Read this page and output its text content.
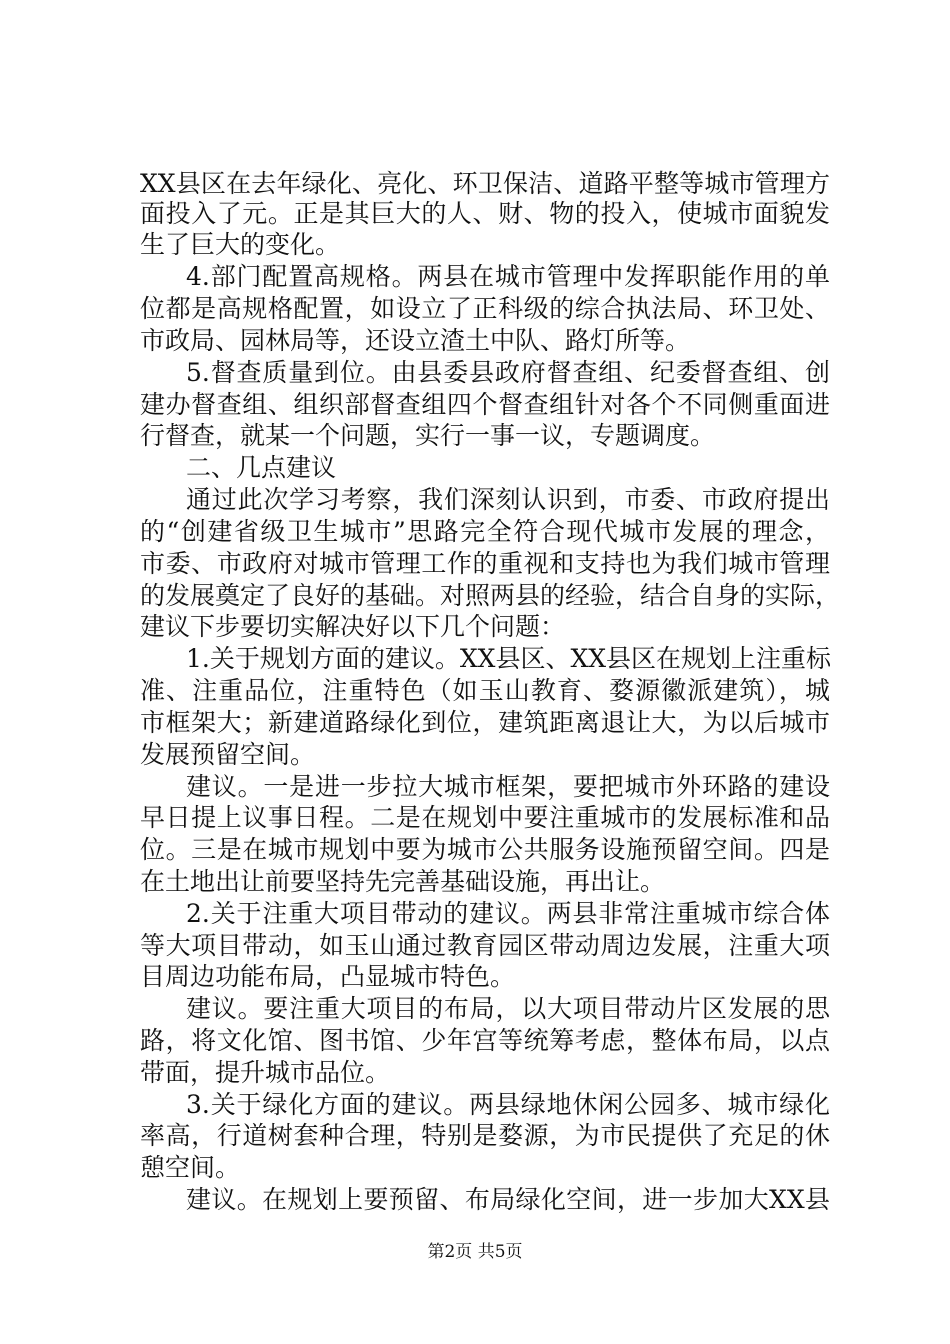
XX县区在去年绿化、亮化、环卫保洁、道路平整等城市管理方
面投入了元。正是其巨大的人、财、物的投入，使城市面貌发
生了巨大的变化。
4.部门配置高规格。两县在城市管理中发挥职能作用的单
位都是高规格配置，如设立了正科级的综合执法局、环卫处、
市政局、园林局等，还设立渣土中队、路灯所等。
5.督查质量到位。由县委县政府督查组、纪委督查组、创
建办督查组、组织部督查组四个督查组针对各个不同侧重面进
行督查，就某一个问题，实行一事一议，专题调度。
二、几点建议
通过此次学习考察，我们深刻认识到，市委、市政府提出
的“创建省级卫生城市”思路完全符合现代城市发展的理念，
市委、市政府对城市管理工作的重视和支持也为我们城市管理
的发展奠定了良好的基础。对照两县的经验，结合自身的实际，
建议下步要切实解决好以下几个问题：
1.关于规划方面的建议。XX县区、XX县区在规划上注重标
准、注重品位，注重特色（如玉山教育、婺源徽派建筑），城
市框架大；新建道路绿化到位，建筑距离退让大，为以后城市
发展预留空间。
建议。一是进一步拉大城市框架，要把城市外环路的建设
早日提上议事日程。二是在规划中要注重城市的发展标准和品
位。三是在城市规划中要为城市公共服务设施预留空间。四是
在土地出让前要坚持先完善基础设施，再出让。
2.关于注重大项目带动的建议。两县非常注重城市综合体
等大项目带动，如玉山通过教育园区带动周边发展，注重大项
目周边功能布局，凸显城市特色。
建议。要注重大项目的布局，以大项目带动片区发展的思
路，将文化馆、图书馆、少年宫等统筹考虑，整体布局，以点
带面，提升城市品位。
3.关于绿化方面的建议。两县绿地休闲公园多、城市绿化
率高，行道树套种合理，特别是婺源，为市民提供了充足的休
憩空间。
建议。在规划上要预留、布局绿化空间，进一步加大XX县
第2页 共5页
